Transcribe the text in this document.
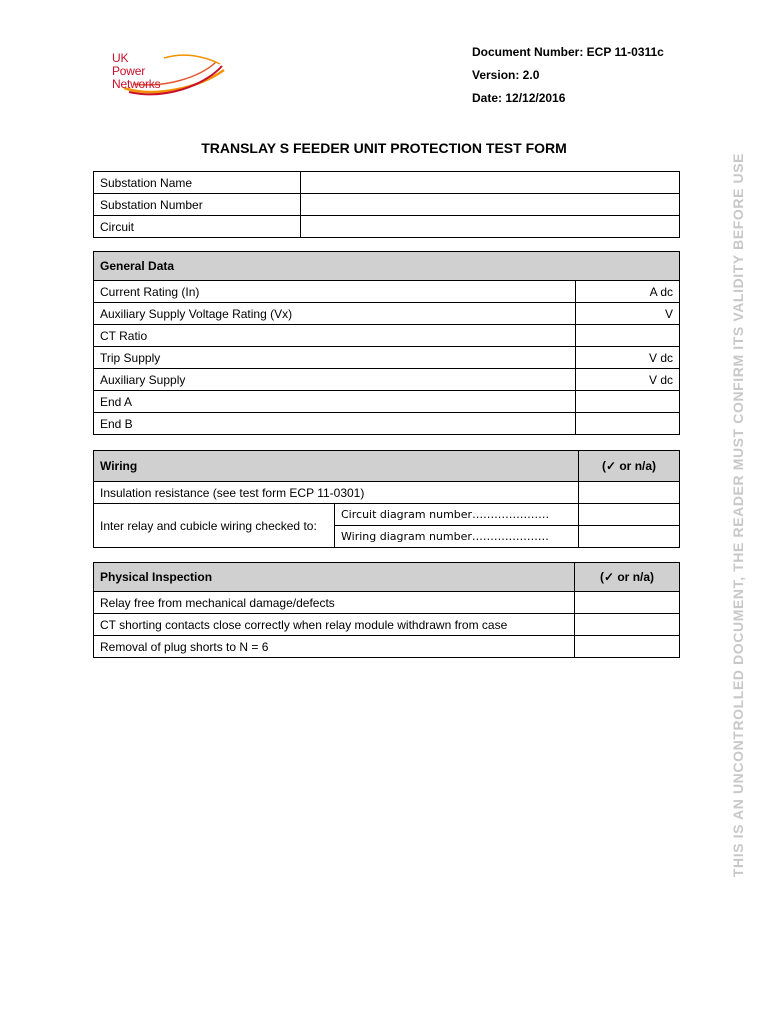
UK
Power
Networks
Document Number: ECP 11-0311c
Version: 2.0
Date: 12/12/2016
TRANSLAY S FEEDER UNIT PROTECTION TEST FORM
Substation Name	
Substation Number	
Circuit	
General Data	
Current Rating (In)	A dc
Auxiliary Supply Voltage Rating (Vx)	V
CT Ratio	
Trip Supply	V dc
Auxiliary Supply	V dc
End A	
End B	
Wiring		(✓ or n/a)
Insulation resistance (see test form ECP 11-0301)		
Inter relay and cubicle wiring checked to:	Circuit diagram number…………………	
	Wiring diagram number…………………	
Physical Inspection	(✓ or n/a)
Relay free from mechanical damage/defects	
CT shorting contacts close correctly when relay module withdrawn from case	
Removal of plug shorts to N = 6		THIS IS AN UNCONTROLLED DOCUMENT, THE READER MUST CONFIRM ITS VALIDITY BEFORE USE
